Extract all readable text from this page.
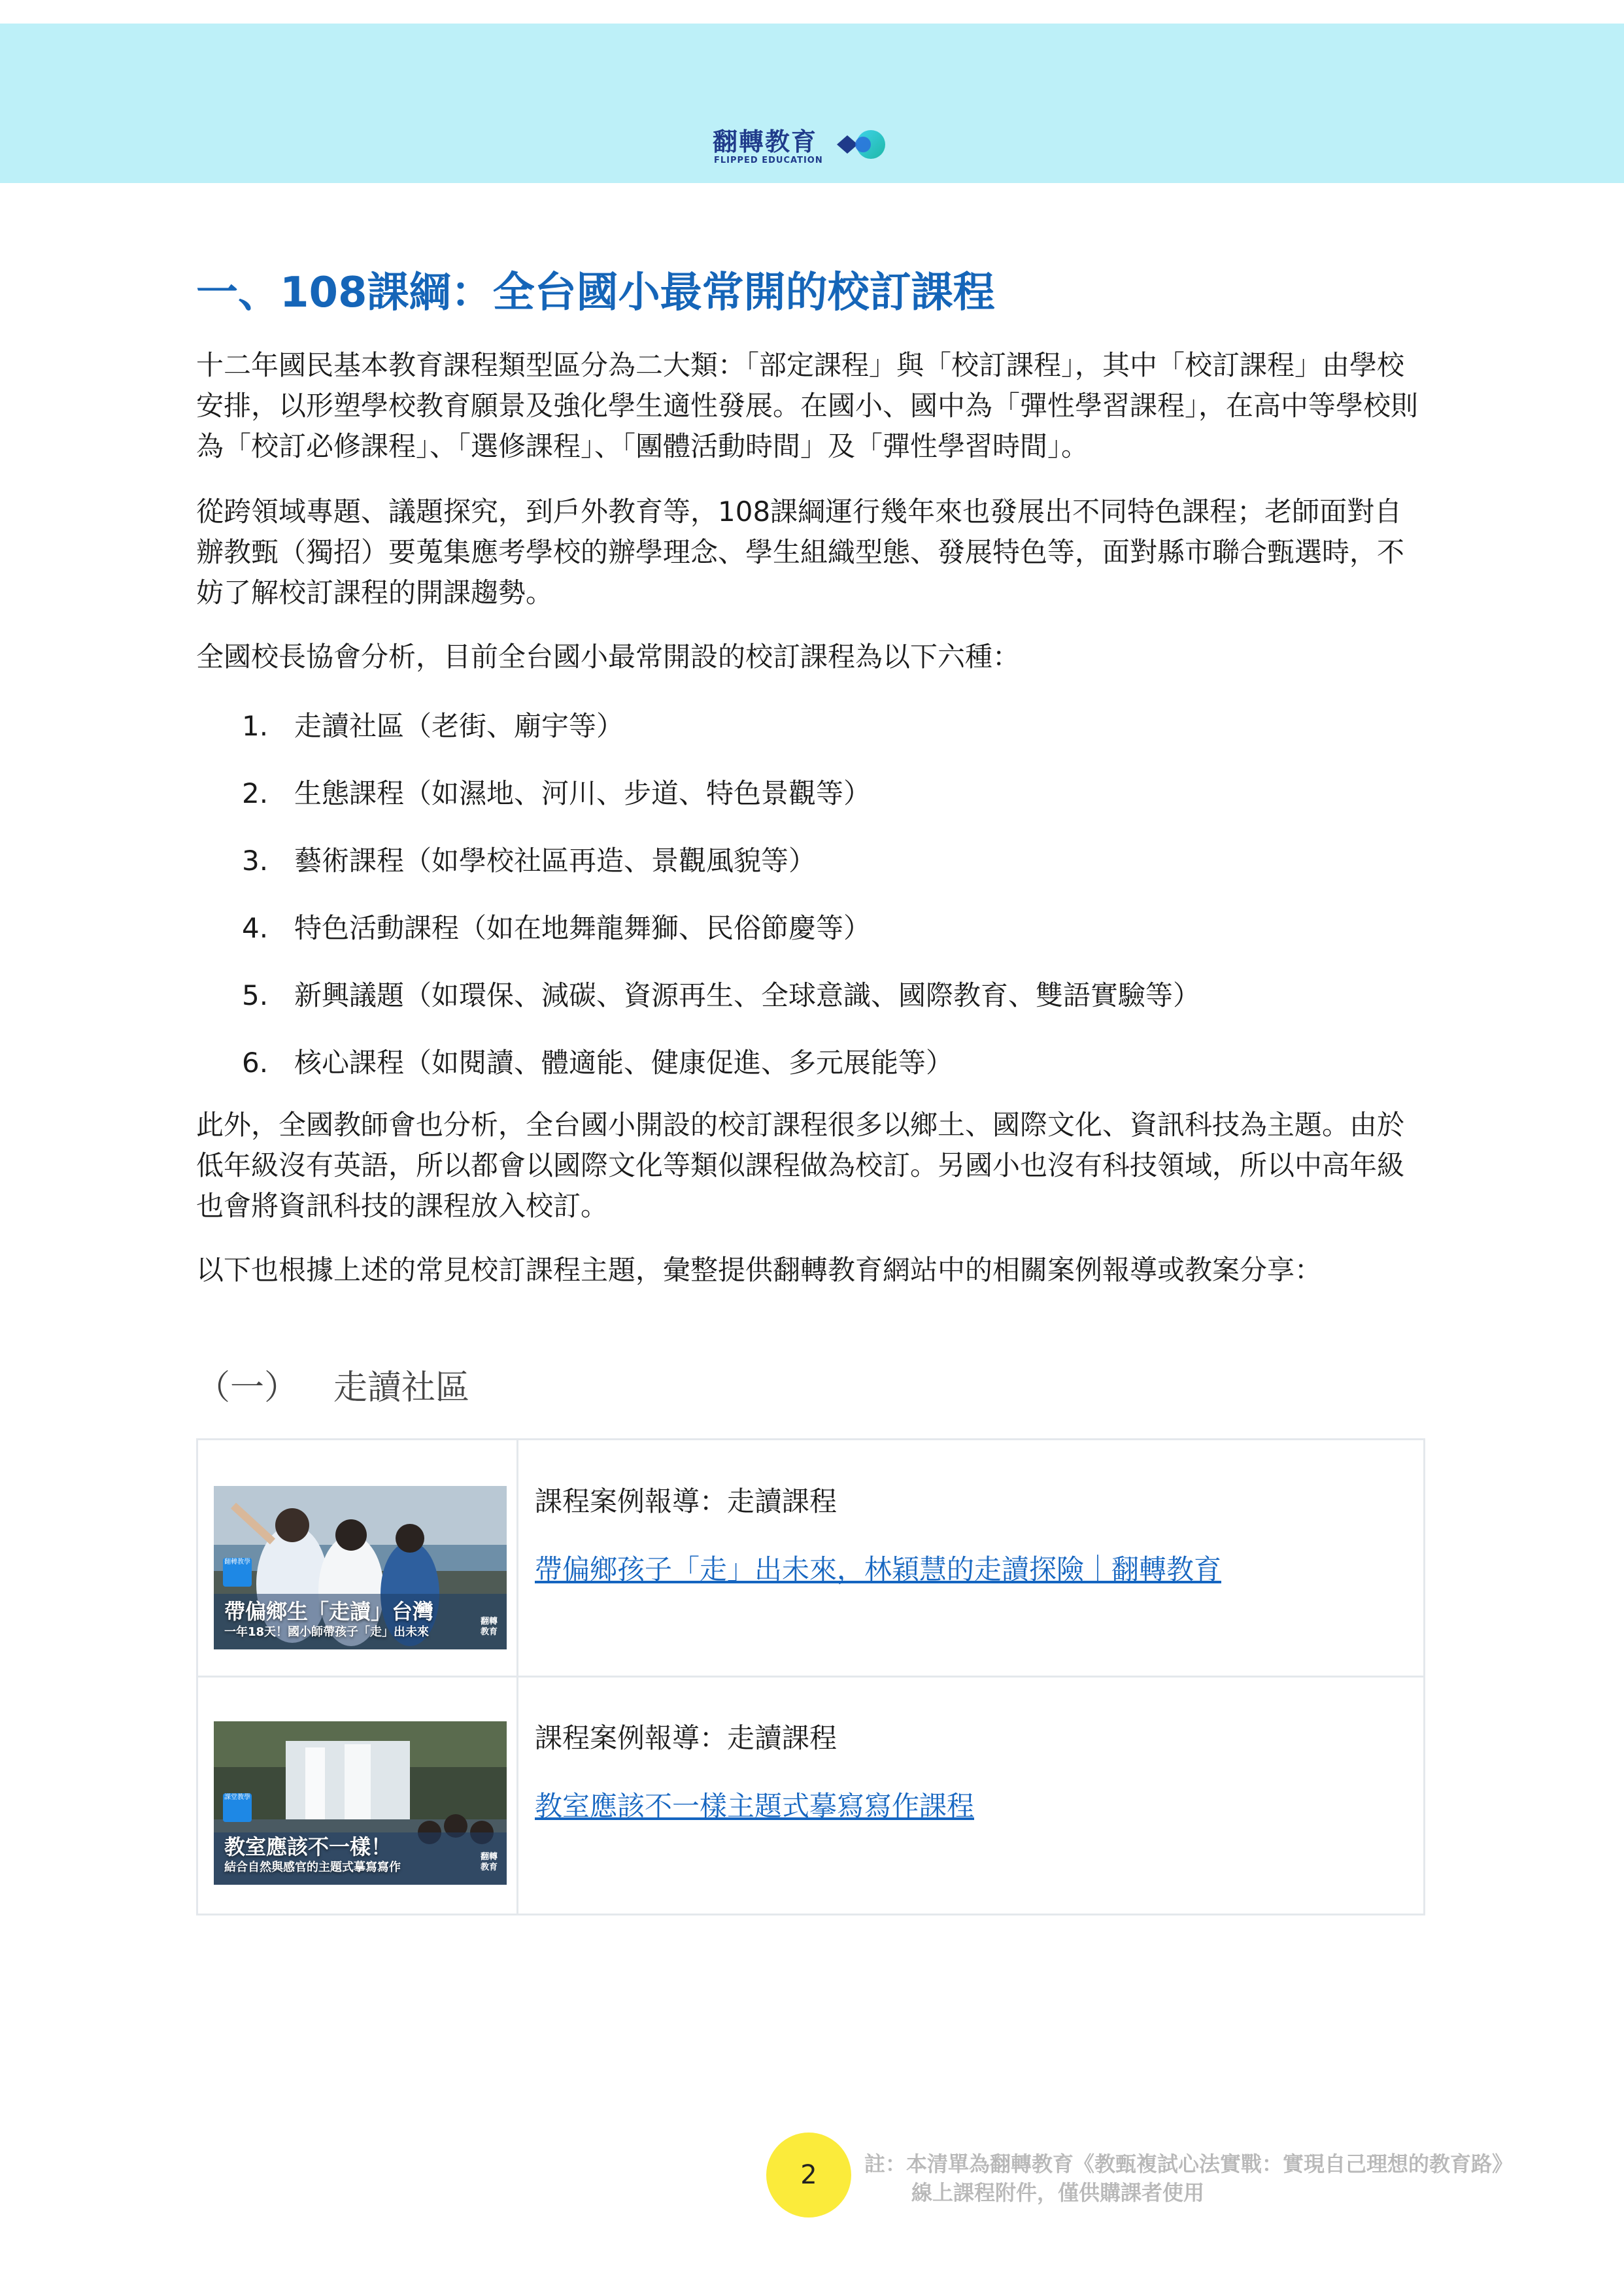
翻轉教育
FLIPPED EDUCATION
一、108課綱：全台國小最常開的校訂課程

十二年國民基本教育課程類型區分為二大類：「部定課程」與「校訂課程」，其中「校訂課程」由學校安排，以形塑學校教育願景及強化學生適性發展。在國小、國中為「彈性學習課程」，在高中等學校則為「校訂必修課程」、「選修課程」、「團體活動時間」及「彈性學習時間」。

從跨領域專題、議題探究，到戶外教育等，108課綱運行幾年來也發展出不同特色課程；老師面對自辦教甄（獨招）要蒐集應考學校的辦學理念、學生組織型態、發展特色等，面對縣市聯合甄選時，不妨了解校訂課程的開課趨勢。

全國校長協會分析，目前全台國小最常開設的校訂課程為以下六種：

1. 走讀社區（老街、廟宇等）
2. 生態課程（如濕地、河川、步道、特色景觀等）
3. 藝術課程（如學校社區再造、景觀風貌等）
4. 特色活動課程（如在地舞龍舞獅、民俗節慶等）
5. 新興議題（如環保、減碳、資源再生、全球意識、國際教育、雙語實驗等）
6. 核心課程（如閱讀、體適能、健康促進、多元展能等）

此外，全國教師會也分析，全台國小開設的校訂課程很多以鄉土、國際文化、資訊科技為主題。由於低年級沒有英語，所以都會以國際文化等類似課程做為校訂。另國小也沒有科技領域，所以中高年級也會將資訊科技的課程放入校訂。

以下也根據上述的常見校訂課程主題，彙整提供翻轉教育網站中的相關案例報導或教案分享：

（一） 走讀社區
翻轉教學
帶偏鄉生「走讀」台灣
一年18天！國小師帶孩子「走」出未來
翻轉教育
課程案例報導：走讀課程
帶偏鄉孩子「走」出未來，林穎慧的走讀探險｜翻轉教育
課堂教學
教室應該不一樣！
結合自然與感官的主題式摹寫寫作
翻轉教育
課程案例報導：走讀課程
教室應該不一樣主題式摹寫寫作課程
2	註：本清單為翻轉教育《教甄複試心法實戰：實現自己理想的教育路》
線上課程附件，僅供購課者使用
